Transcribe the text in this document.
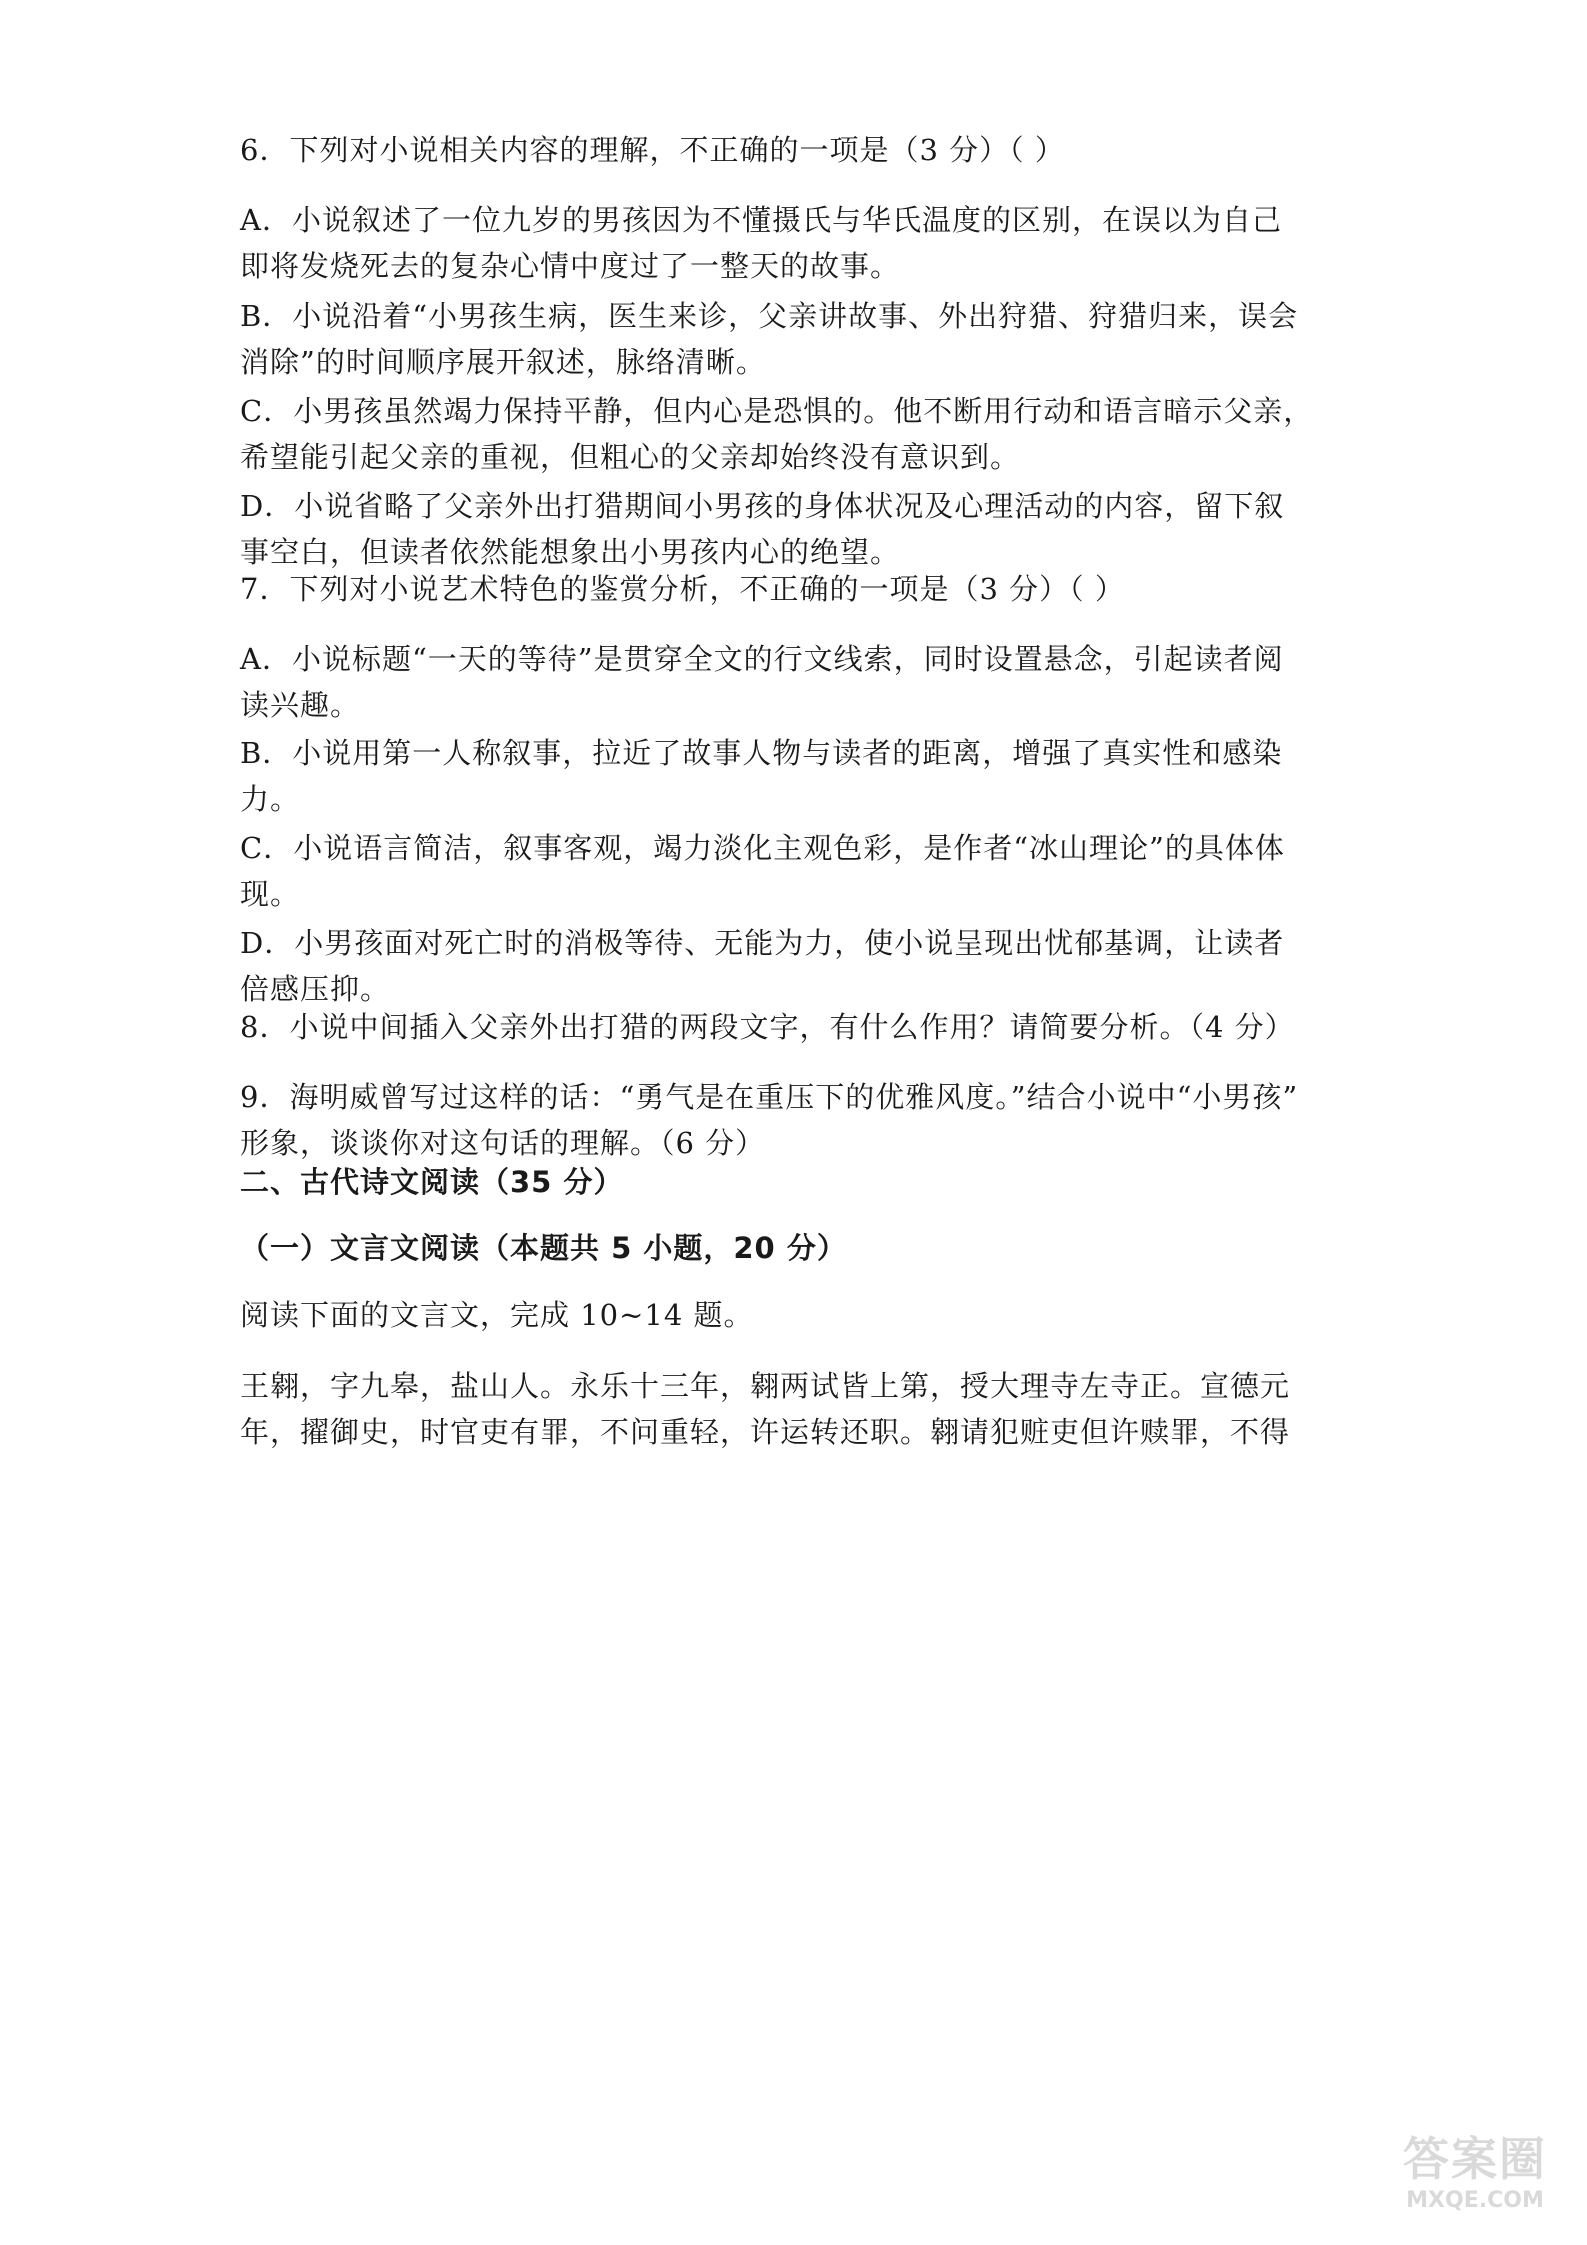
6．下列对小说相关内容的理解，不正确的一项是（3 分）（ ）

A．小说叙述了一位九岁的男孩因为不懂摄氏与华氏温度的区别，在误以为自己
即将发烧死去的复杂心情中度过了一整天的故事。

B．小说沿着“小男孩生病，医生来诊，父亲讲故事、外出狩猎、狩猎归来，误会
消除”的时间顺序展开叙述，脉络清晰。

C．小男孩虽然竭力保持平静，但内心是恐惧的。他不断用行动和语言暗示父亲，
希望能引起父亲的重视，但粗心的父亲却始终没有意识到。

D．小说省略了父亲外出打猎期间小男孩的身体状况及心理活动的内容，留下叙
事空白，但读者依然能想象出小男孩内心的绝望。

7．下列对小说艺术特色的鉴赏分析，不正确的一项是（3 分）（ ）

A．小说标题“一天的等待”是贯穿全文的行文线索，同时设置悬念，引起读者阅
读兴趣。

B．小说用第一人称叙事，拉近了故事人物与读者的距离，增强了真实性和感染
力。

C．小说语言简洁，叙事客观，竭力淡化主观色彩，是作者“冰山理论”的具体体
现。

D．小男孩面对死亡时的消极等待、无能为力，使小说呈现出忧郁基调，让读者
倍感压抑。

8．小说中间插入父亲外出打猎的两段文字，有什么作用？请简要分析。（4 分）

9．海明威曾写过这样的话：“勇气是在重压下的优雅风度。”结合小说中“小男孩”
形象，谈谈你对这句话的理解。（6 分）

二、古代诗文阅读（35 分）

（一）文言文阅读（本题共 5 小题，20 分）

阅读下面的文言文，完成 10~14 题。

王翱，字九皋，盐山人。永乐十三年，翱两试皆上第，授大理寺左寺正。宣德元
年，擢御史，时官吏有罪，不问重轻，许运转还职。翱请犯赃吏但许赎罪，不得

答案圈
MXQE.COM
